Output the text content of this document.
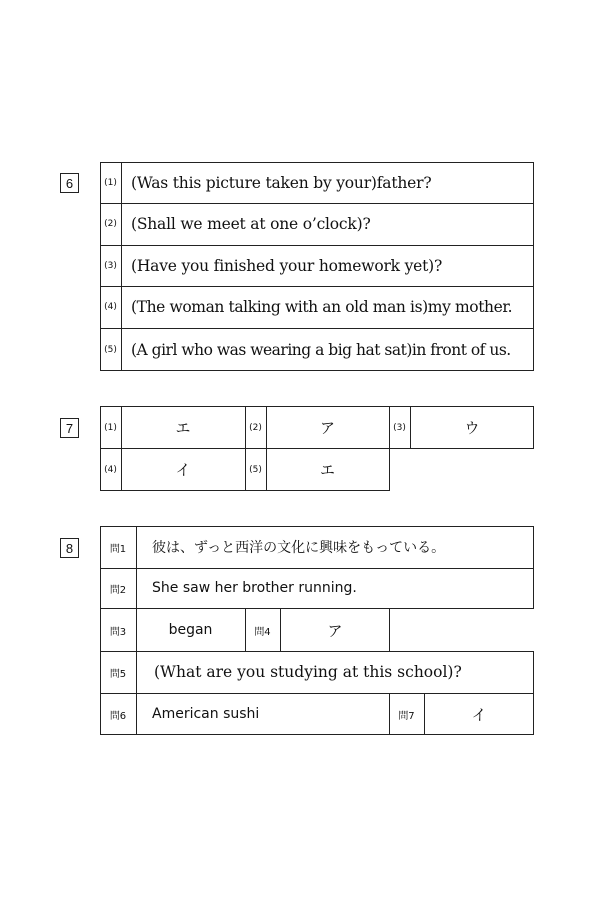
6	(1) (Was this picture taken by your)father?
(2) (Shall we meet at one o’clock)?
(3) (Have you finished your homework yet)?
(4) (The woman talking with an old man is)my mother.
(5) (A girl who was wearing a big hat sat)in front of us.
7	(1)	エ	(2)	ア	(3)	ウ
(4)	イ	(5)	エ
8	問1	彼は、ずっと西洋の文化に興味をもっている。
問2	She saw her brother running.
問3	began	問4	ア
問5	(What are you studying at this school)?
問6	American sushi	問7	イ
